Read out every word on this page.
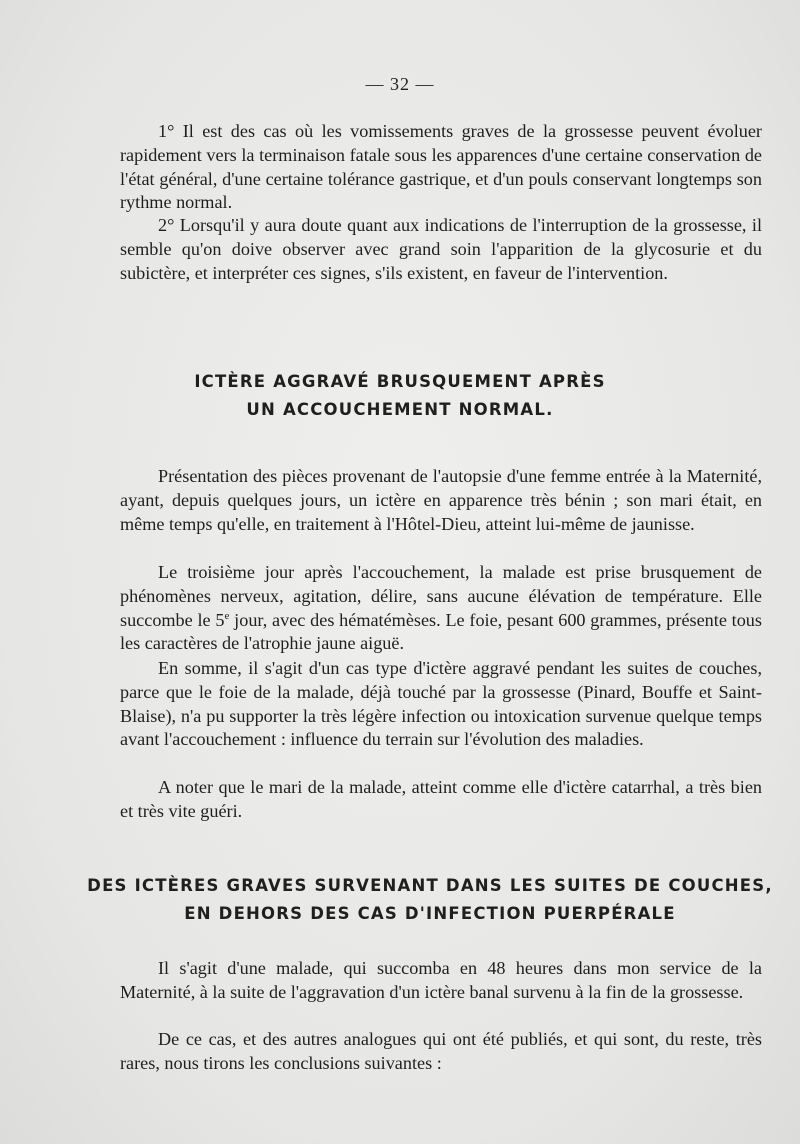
— 32 —

1° Il est des cas où les vomissements graves de la grossesse peuvent évoluer rapidement vers la terminaison fatale sous les apparences d'une certaine conservation de l'état général, d'une certaine tolérance gastrique, et d'un pouls conservant longtemps son rythme normal.

2° Lorsqu'il y aura doute quant aux indications de l'interruption de la grossesse, il semble qu'on doive observer avec grand soin l'apparition de la glycosurie et du subictère, et interpréter ces signes, s'ils existent, en faveur de l'intervention.

ICTÈRE AGGRAVÉ BRUSQUEMENT APRÈS
UN ACCOUCHEMENT NORMAL.

Présentation des pièces provenant de l'autopsie d'une femme entrée à la Maternité, ayant, depuis quelques jours, un ictère en apparence très bénin ; son mari était, en même temps qu'elle, en traitement à l'Hôtel-Dieu, atteint lui-même de jaunisse.

Le troisième jour après l'accouchement, la malade est prise brusquement de phénomènes nerveux, agitation, délire, sans aucune élévation de température. Elle succombe le 5e jour, avec des hématémèses. Le foie, pesant 600 grammes, présente tous les caractères de l'atrophie jaune aiguë.

En somme, il s'agit d'un cas type d'ictère aggravé pendant les suites de couches, parce que le foie de la malade, déjà touché par la grossesse (Pinard, Bouffe et Saint-Blaise), n'a pu supporter la très légère infection ou intoxication survenue quelque temps avant l'accouchement : influence du terrain sur l'évolution des maladies.

A noter que le mari de la malade, atteint comme elle d'ictère catarrhal, a très bien et très vite guéri.

DES ICTÈRES GRAVES SURVENANT DANS LES SUITES DE COUCHES,
EN DEHORS DES CAS D'INFECTION PUERPÉRALE

Il s'agit d'une malade, qui succomba en 48 heures dans mon service de la Maternité, à la suite de l'aggravation d'un ictère banal survenu à la fin de la grossesse.

De ce cas, et des autres analogues qui ont été publiés, et qui sont, du reste, très rares, nous tirons les conclusions suivantes :
